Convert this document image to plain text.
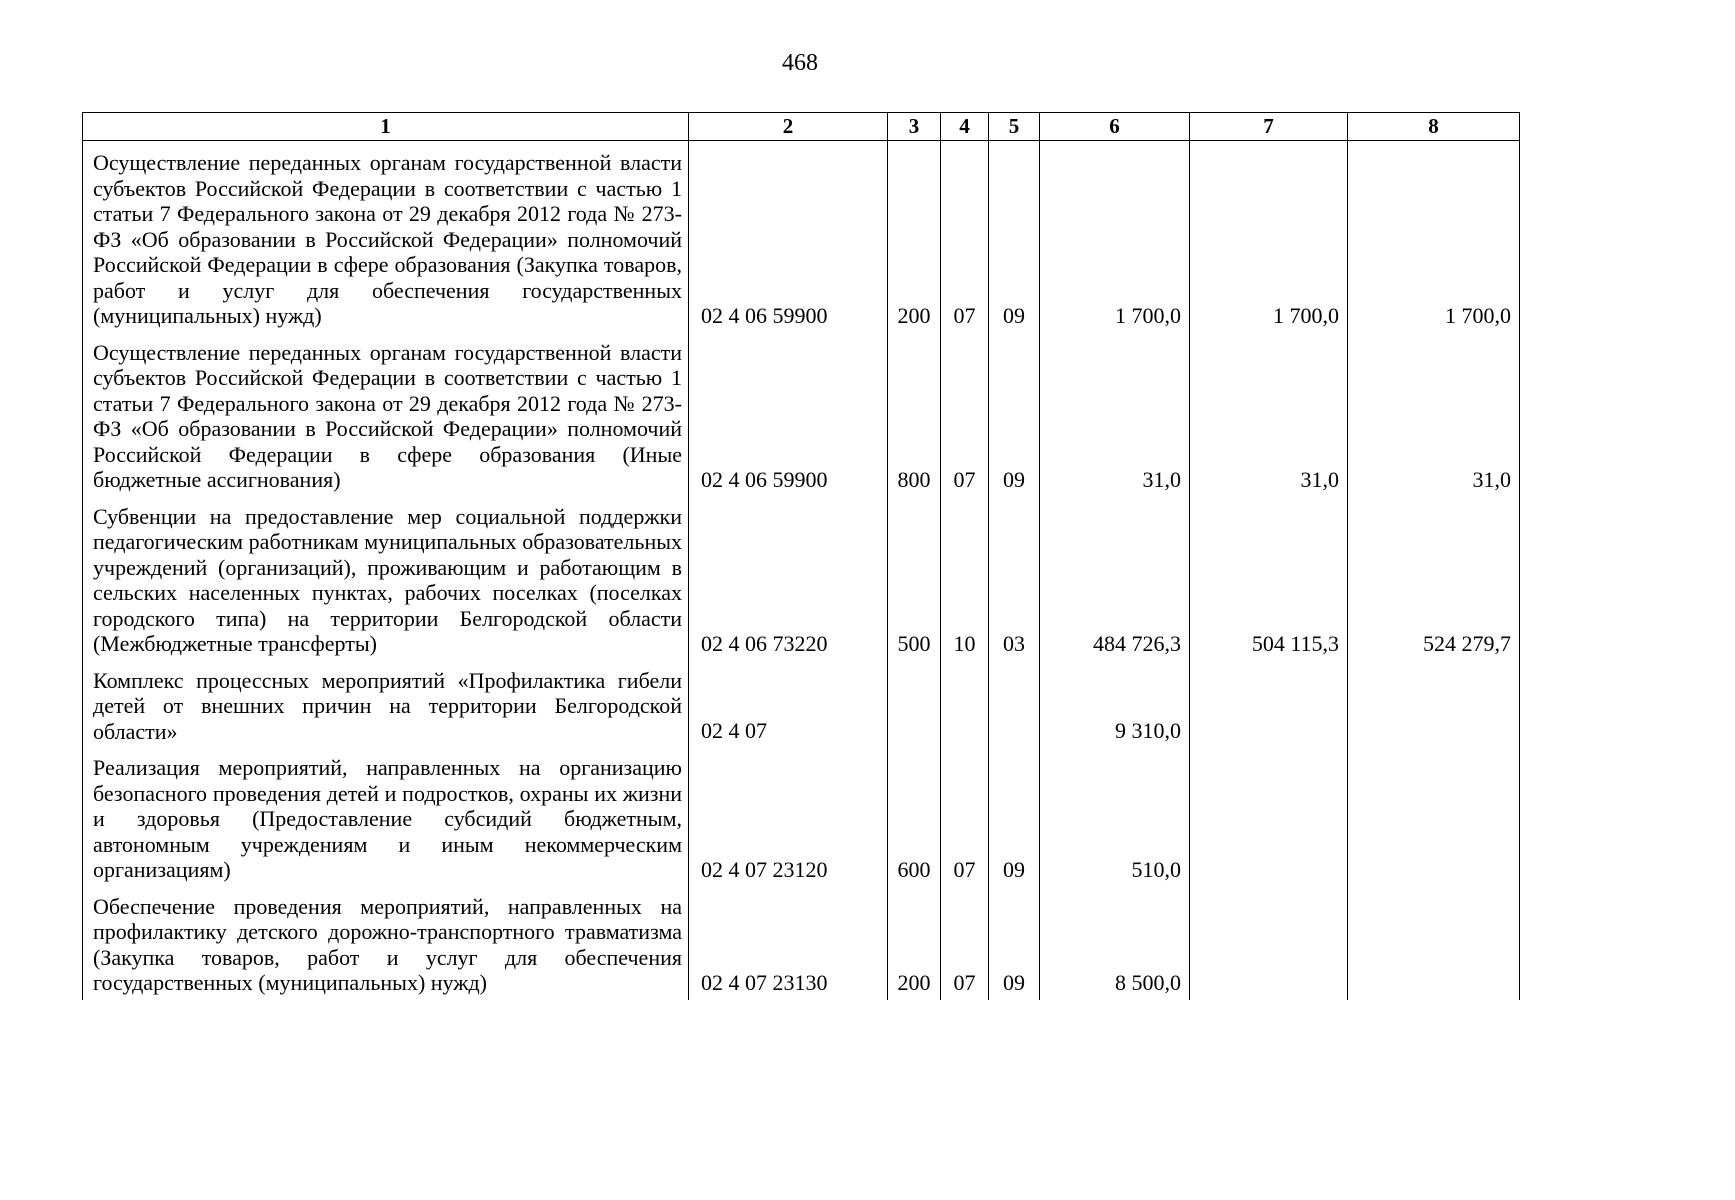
468
1	2	3	4	5	6	7	8
Осуществление переданных органам государственной власти субъектов Российской Федерации в соответствии с частью 1 статьи 7 Федерального закона от 29 декабря 2012 года № 273-ФЗ «Об образовании в Российской Федерации» полномочий Российской Федерации в сфере образования (Закупка товаров, работ и услуг для обеспечения государственных (муниципальных) нужд)	02 4 06 59900	200	07	09	1 700,0	1 700,0	1 700,0
Осуществление переданных органам государственной власти субъектов Российской Федерации в соответствии с частью 1 статьи 7 Федерального закона от 29 декабря 2012 года № 273-ФЗ «Об образовании в Российской Федерации» полномочий Российской Федерации в сфере образования (Иные бюджетные ассигнования)	02 4 06 59900	800	07	09	31,0	31,0	31,0
Субвенции на предоставление мер социальной поддержки педагогическим работникам муниципальных образовательных учреждений (организаций), проживающим и работающим в сельских населенных пунктах, рабочих поселках (поселках городского типа) на территории Белгородской области (Межбюджетные трансферты)	02 4 06 73220	500	10	03	484 726,3	504 115,3	524 279,7
Комплекс процессных мероприятий «Профилактика гибели детей от внешних причин на территории Белгородской области»	02 4 07				9 310,0		
Реализация мероприятий, направленных на организацию безопасного проведения детей и подростков, охраны их жизни и здоровья (Предоставление субсидий бюджетным, автономным учреждениям и иным некоммерческим организациям)	02 4 07 23120	600	07	09	510,0		
Обеспечение проведения мероприятий, направленных на профилактику детского дорожно-транспортного травматизма (Закупка товаров, работ и услуг для обеспечения государственных (муниципальных) нужд)	02 4 07 23130	200	07	09	8 500,0		
